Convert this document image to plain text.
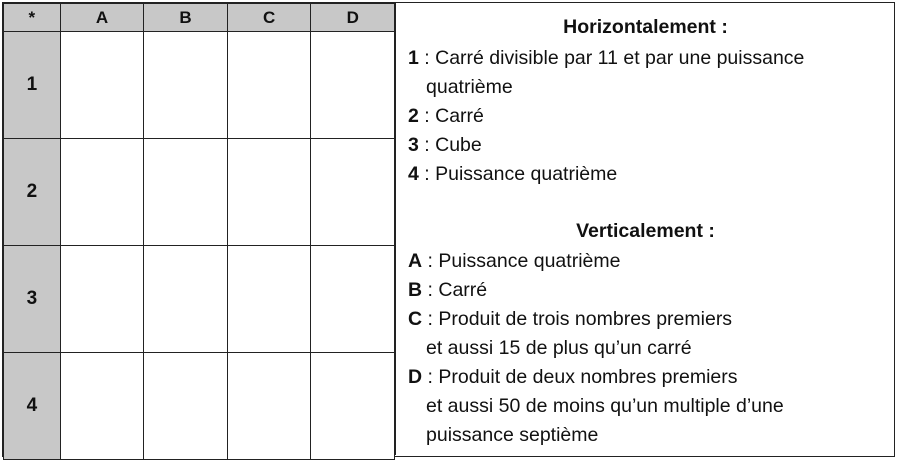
*	A	B	C	D
1				
2				
3				
4				
Horizontalement :
1 : Carré divisible par 11 et par une puissance
quatrième
2 : Carré
3 : Cube
4 : Puissance quatrième
Verticalement :
A : Puissance quatrième
B : Carré
C : Produit de trois nombres premiers
et aussi 15 de plus qu’un carré
D : Produit de deux nombres premiers
et aussi 50 de moins qu’un multiple d’une
puissance septième
